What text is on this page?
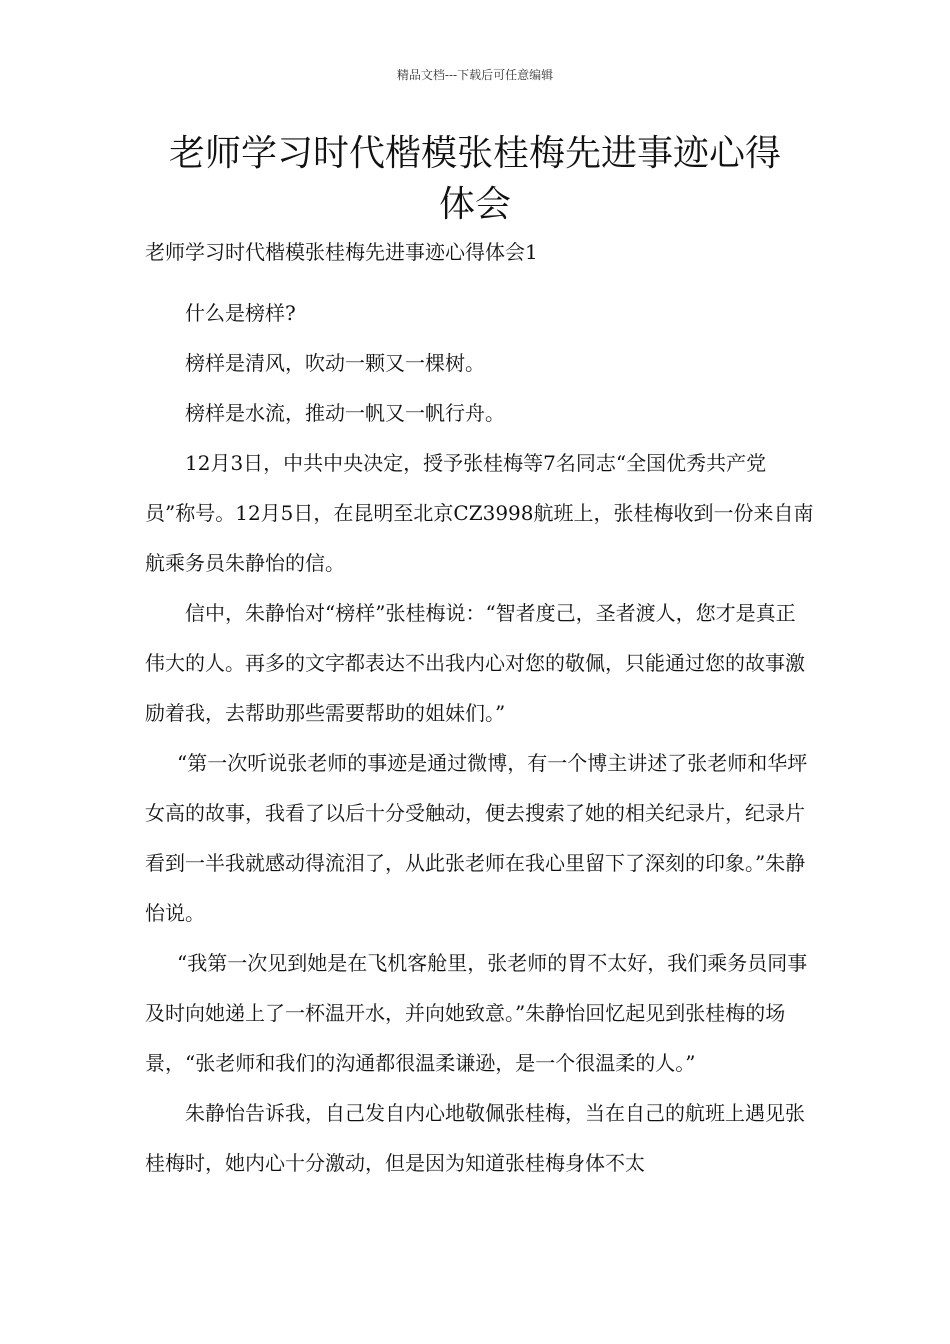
精品文档---下载后可任意编辑
老师学习时代楷模张桂梅先进事迹心得
体会

老师学习时代楷模张桂梅先进事迹心得体会1

什么是榜样?

榜样是清风，吹动一颗又一棵树。

榜样是水流，推动一帆又一帆行舟。

12月3日，中共中央决定，授予张桂梅等7名同志“全国优秀共产党员”称号。12月5日，在昆明至北京CZ3998航班上，张桂梅收到一份来自南航乘务员朱静怡的信。

信中，朱静怡对“榜样”张桂梅说：“智者度己，圣者渡人，您才是真正伟大的人。再多的文字都表达不出我内心对您的敬佩，只能通过您的故事激励着我，去帮助那些需要帮助的姐妹们。”

“第一次听说张老师的事迹是通过微博，有一个博主讲述了张老师和华坪女高的故事，我看了以后十分受触动，便去搜索了她的相关纪录片，纪录片看到一半我就感动得流泪了，从此张老师在我心里留下了深刻的印象。”朱静怡说。

“我第一次见到她是在飞机客舱里，张老师的胃不太好，我们乘务员同事及时向她递上了一杯温开水，并向她致意。”朱静怡回忆起见到张桂梅的场景，“张老师和我们的沟通都很温柔谦逊，是一个很温柔的人。”

朱静怡告诉我，自己发自内心地敬佩张桂梅，当在自己的航班上遇见张桂梅时，她内心十分激动，但是因为知道张桂梅身体不太
